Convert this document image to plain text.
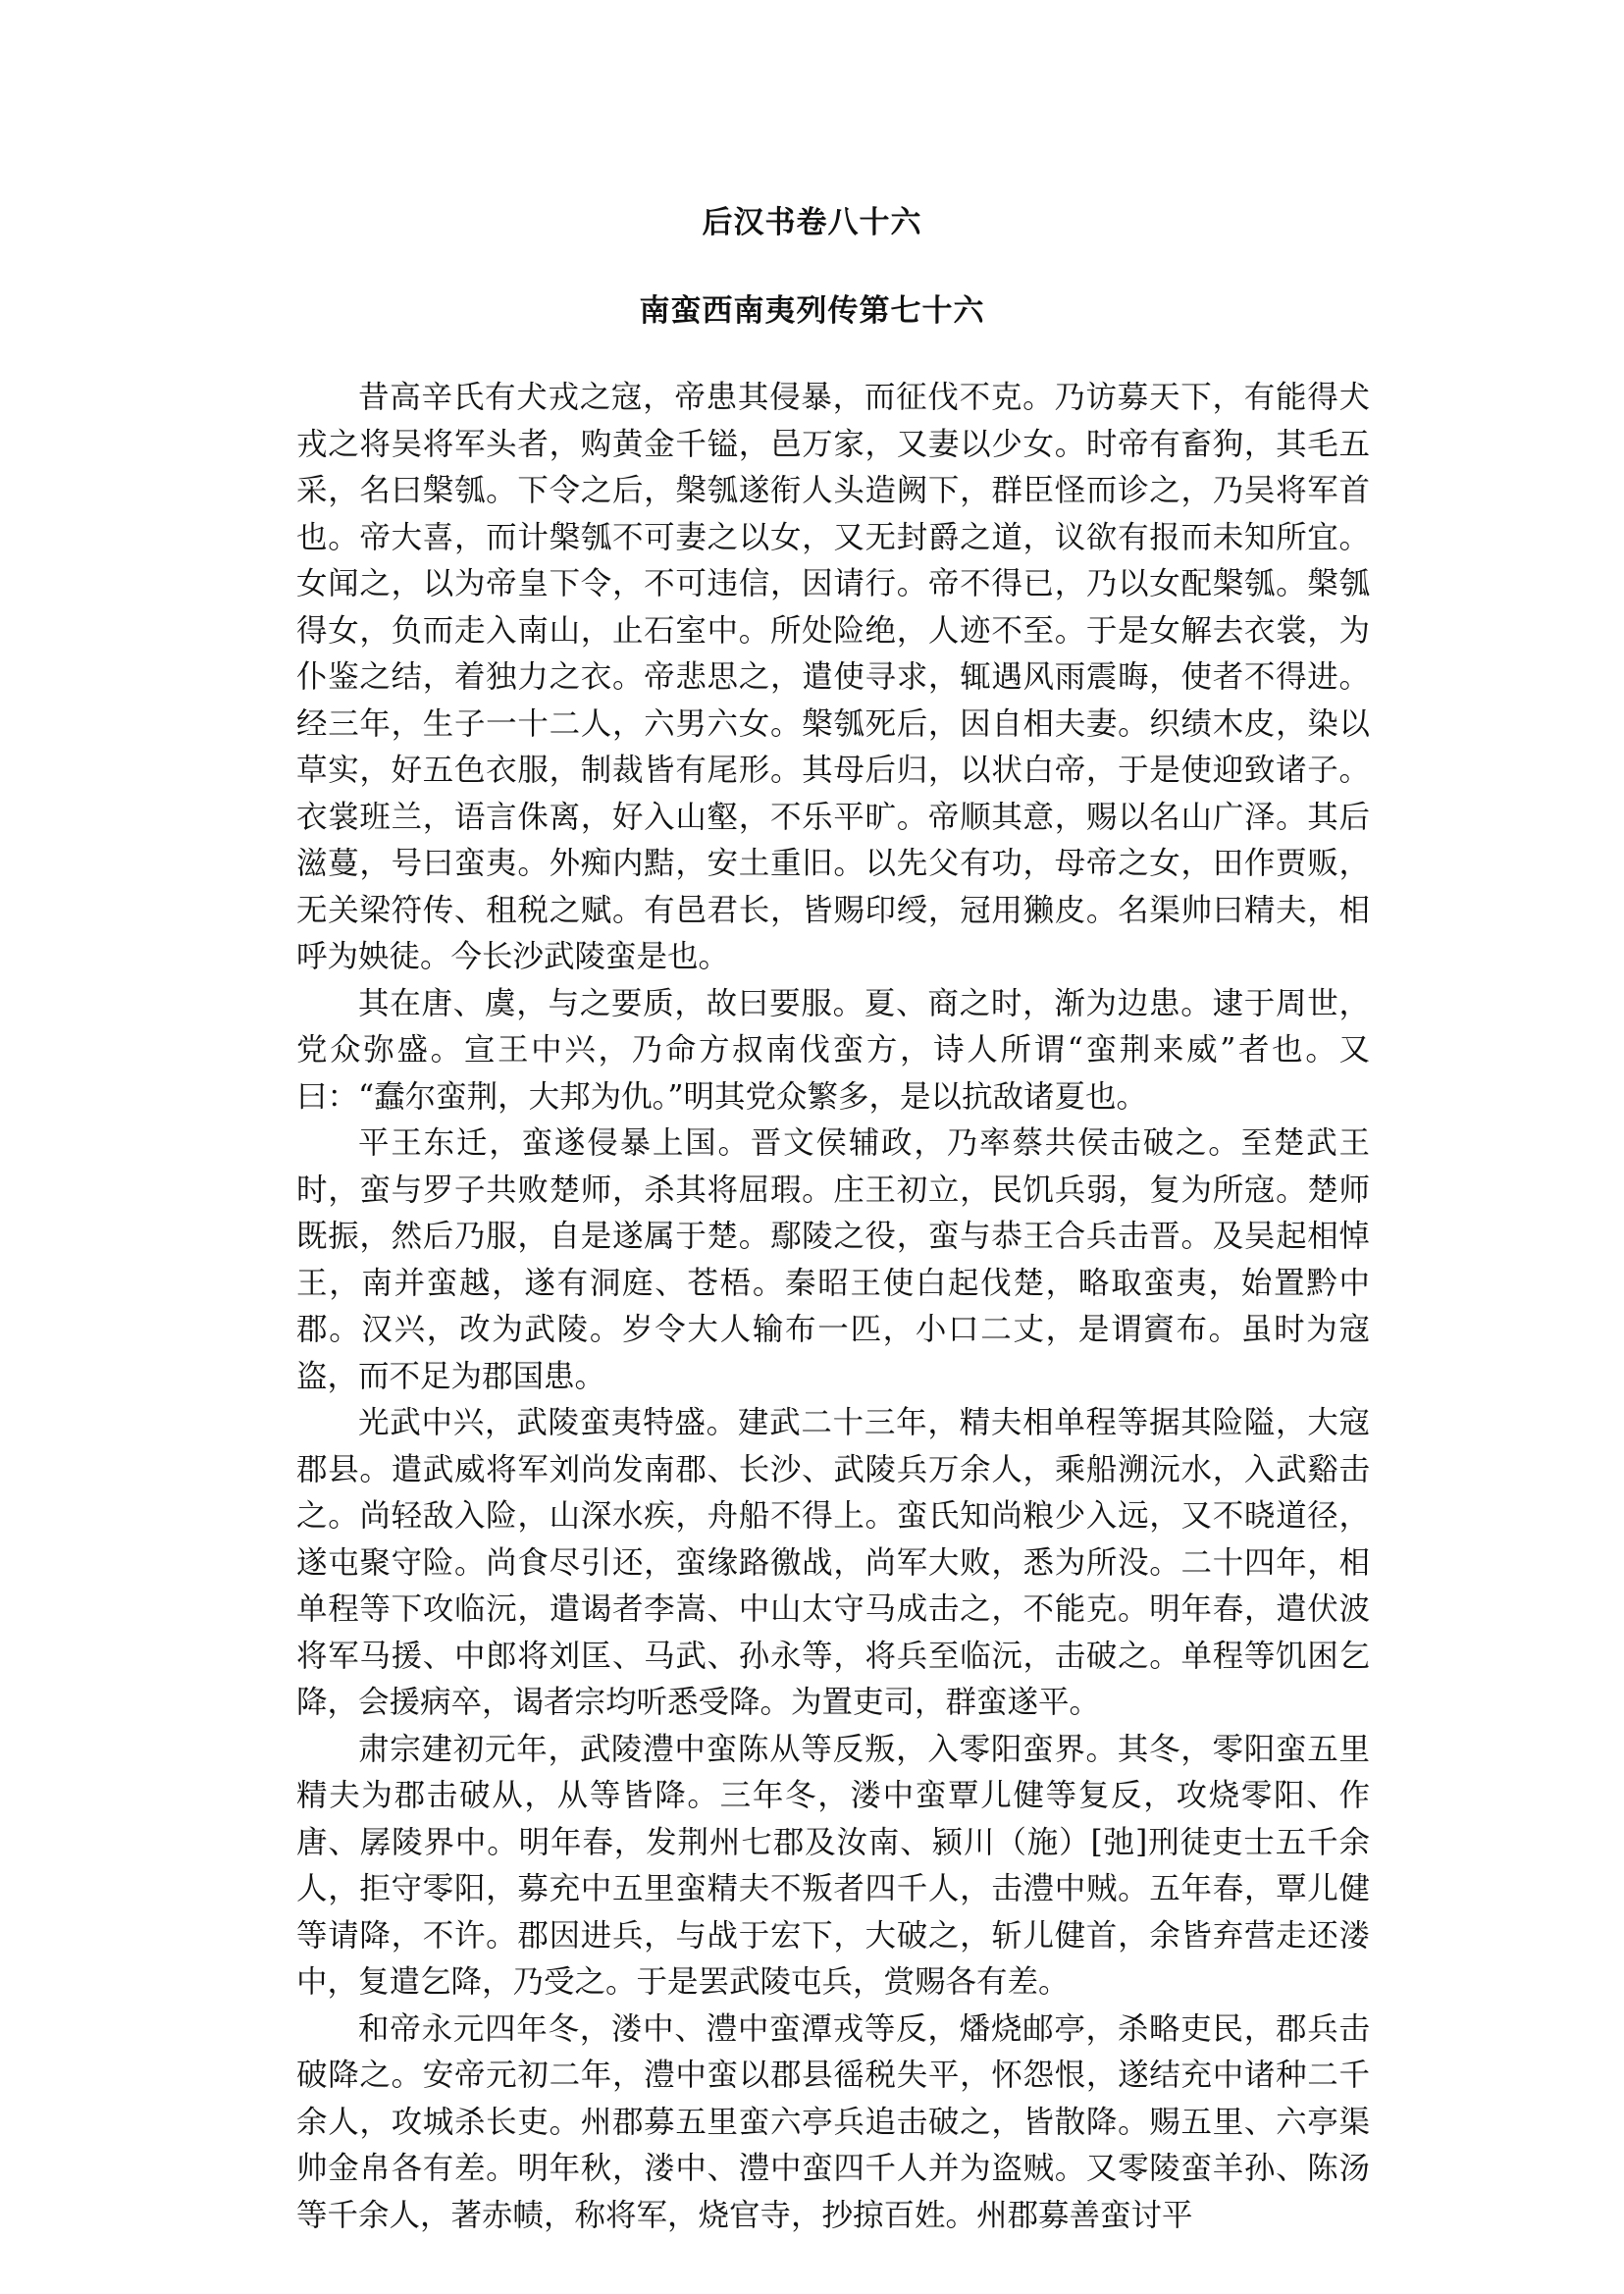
后汉书卷八十六
南蛮西南夷列传第七十六

昔高辛氏有犬戎之寇，帝患其侵暴，而征伐不克。乃访募天下，有能得犬戎之将吴将军头者，购黄金千镒，邑万家，又妻以少女。时帝有畜狗，其毛五采，名曰槃瓠。下令之后，槃瓠遂衔人头造阙下，群臣怪而诊之，乃吴将军首也。帝大喜，而计槃瓠不可妻之以女，又无封爵之道，议欲有报而未知所宜。女闻之，以为帝皇下令，不可违信，因请行。帝不得已，乃以女配槃瓠。槃瓠得女，负而走入南山，止石室中。所处险绝，人迹不至。于是女解去衣裳，为仆鉴之结，着独力之衣。帝悲思之，遣使寻求，辄遇风雨震晦，使者不得进。经三年，生子一十二人，六男六女。槃瓠死后，因自相夫妻。织绩木皮，染以草实，好五色衣服，制裁皆有尾形。其母后归，以状白帝，于是使迎致诸子。衣裳班兰，语言侏离，好入山壑，不乐平旷。帝顺其意，赐以名山广泽。其后滋蔓，号曰蛮夷。外痴内黠，安土重旧。以先父有功，母帝之女，田作贾贩，无关梁符传、租税之赋。有邑君长，皆赐印绶，冠用獭皮。名渠帅曰精夫，相呼为姎徒。今长沙武陵蛮是也。

其在唐、虞，与之要质，故曰要服。夏、商之时，渐为边患。逮于周世，党众弥盛。宣王中兴，乃命方叔南伐蛮方，诗人所谓“蛮荆来威”者也。又曰：“蠢尔蛮荆，大邦为仇。”明其党众繁多，是以抗敌诸夏也。

平王东迁，蛮遂侵暴上国。晋文侯辅政，乃率蔡共侯击破之。至楚武王时，蛮与罗子共败楚师，杀其将屈瑕。庄王初立，民饥兵弱，复为所寇。楚师既振，然后乃服，自是遂属于楚。鄢陵之役，蛮与恭王合兵击晋。及吴起相悼王，南并蛮越，遂有洞庭、苍梧。秦昭王使白起伐楚，略取蛮夷，始置黔中郡。汉兴，改为武陵。岁令大人输布一匹，小口二丈，是谓賨布。虽时为寇盗，而不足为郡国患。

光武中兴，武陵蛮夷特盛。建武二十三年，精夫相单程等据其险隘，大寇郡县。遣武威将军刘尚发南郡、长沙、武陵兵万余人，乘船溯沅水，入武谿击之。尚轻敌入险，山深水疾，舟船不得上。蛮氏知尚粮少入远，又不晓道径，遂屯聚守险。尚食尽引还，蛮缘路徼战，尚军大败，悉为所没。二十四年，相单程等下攻临沅，遣谒者李嵩、中山太守马成击之，不能克。明年春，遣伏波将军马援、中郎将刘匡、马武、孙永等，将兵至临沅，击破之。单程等饥困乞降，会援病卒，谒者宗均听悉受降。为置吏司，群蛮遂平。

肃宗建初元年，武陵澧中蛮陈从等反叛，入零阳蛮界。其冬，零阳蛮五里精夫为郡击破从，从等皆降。三年冬，溇中蛮覃儿健等复反，攻烧零阳、作唐、孱陵界中。明年春，发荆州七郡及汝南、颍川（施）[弛]刑徒吏士五千余人，拒守零阳，募充中五里蛮精夫不叛者四千人，击澧中贼。五年春，覃儿健等请降，不许。郡因进兵，与战于宏下，大破之，斩儿健首，余皆弃营走还溇中，复遣乞降，乃受之。于是罢武陵屯兵，赏赐各有差。

和帝永元四年冬，溇中、澧中蛮潭戎等反，燔烧邮亭，杀略吏民，郡兵击破降之。安帝元初二年，澧中蛮以郡县徭税失平，怀怨恨，遂结充中诸种二千余人，攻城杀长吏。州郡募五里蛮六亭兵追击破之，皆散降。赐五里、六亭渠帅金帛各有差。明年秋，溇中、澧中蛮四千人并为盗贼。又零陵蛮羊孙、陈汤等千余人，著赤帻，称将军，烧官寺，抄掠百姓。州郡募善蛮讨平
